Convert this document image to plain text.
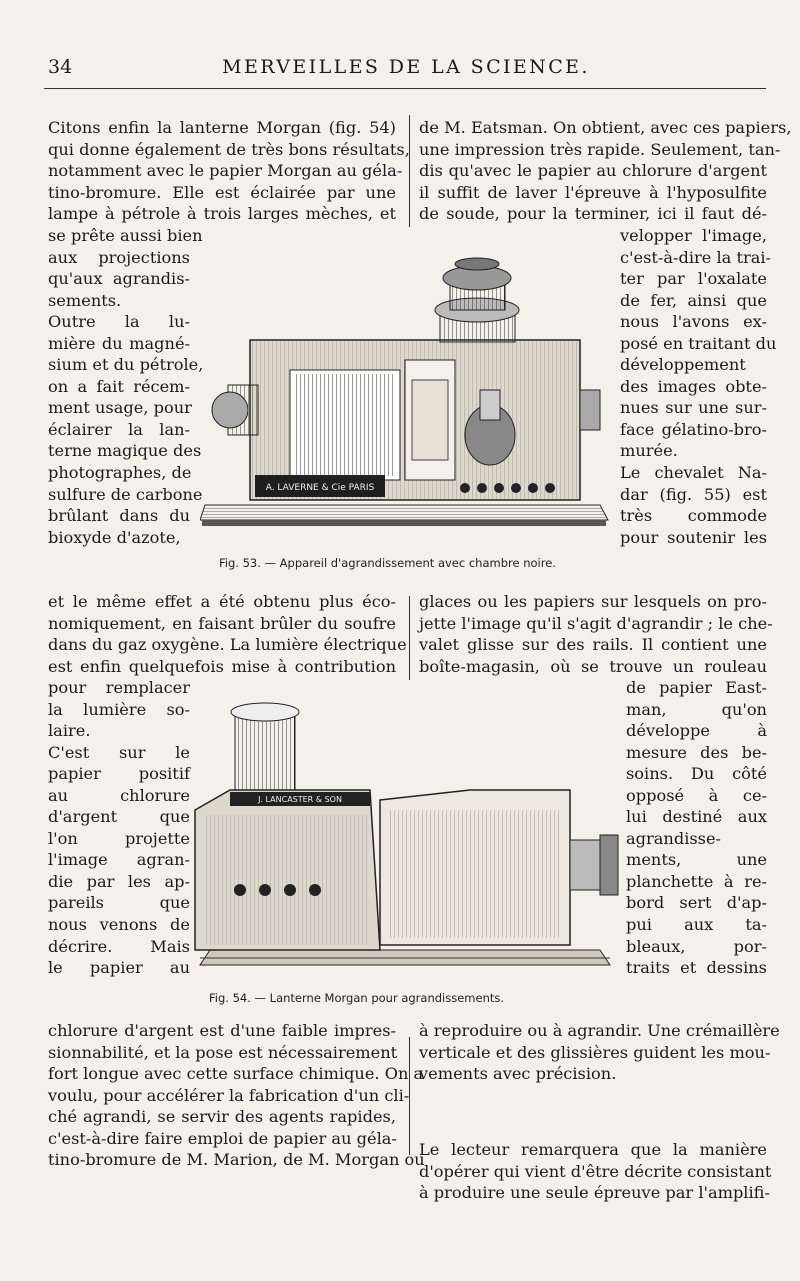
34	MERVEILLES DE LA SCIENCE.

Citons enfin la lanterne Morgan (fig. 54)

qui donne également de très bons résultats,

notamment avec le papier Morgan au géla-

tino-bromure. Elle est éclairée par une

lampe à pétrole à trois larges mèches, et

de M. Eatsman. On obtient, avec ces papiers,

une impression très rapide. Seulement, tan-

dis qu'avec le papier au chlorure d'argent

il suffit de laver l'épreuve à l'hyposulfite

de soude, pour la terminer, ici il faut dé-

se prête aussi bien

aux projections

qu'aux agrandis-

sements.

Outre la lu-

mière du magné-

sium et du pétrole,

on a fait récem-

ment usage, pour

éclairer la lan-

terne magique des

photographes, de

sulfure de carbone

brûlant dans du

bioxyde d'azote,

velopper l'image,

c'est-à-dire la trai-

ter par l'oxalate

de fer, ainsi que

nous l'avons ex-

posé en traitant du

développement

des images obte-

nues sur une sur-

face gélatino-bro-

murée.

Le chevalet Na-

dar (fig. 55) est

très commode

pour soutenir les

et le même effet a été obtenu plus éco-

nomiquement, en faisant brûler du soufre

dans du gaz oxygène. La lumière électrique

est enfin quelquefois mise à contribution

glaces ou les papiers sur lesquels on pro-

jette l'image qu'il s'agit d'agrandir ; le che-

valet glisse sur des rails. Il contient une

boîte-magasin, où se trouve un rouleau

pour remplacer

la lumière so-

laire.

C'est sur le

papier positif

au chlorure

d'argent que

l'on projette

l'image agran-

die par les ap-

pareils que

nous venons de

décrire. Mais

le papier au

de papier East-

man, qu'on

développe à

mesure des be-

soins. Du côté

opposé à ce-

lui destiné aux

agrandisse-

ments, une

planchette à re-

bord sert d'ap-

pui aux ta-

bleaux, por-

traits et dessins

chlorure d'argent est d'une faible impres-

sionnabilité, et la pose est nécessairement

fort longue avec cette surface chimique. On a

voulu, pour accélérer la fabrication d'un cli-

ché agrandi, se servir des agents rapides,

c'est-à-dire faire emploi de papier au géla-

tino-bromure de M. Marion, de M. Morgan ou

à reproduire ou à agrandir. Une crémaillère

verticale et des glissières guident les mou-

vements avec précision.

Le lecteur remarquera que la manière

d'opérer qui vient d'être décrite consistant

à produire une seule épreuve par l'amplifi-

A. LAVERNE & Cie PARIS
Fig. 53. — Appareil d'agrandissement avec chambre noire.
J. LANCASTER & SON
Fig. 54. — Lanterne Morgan pour agrandissements.
